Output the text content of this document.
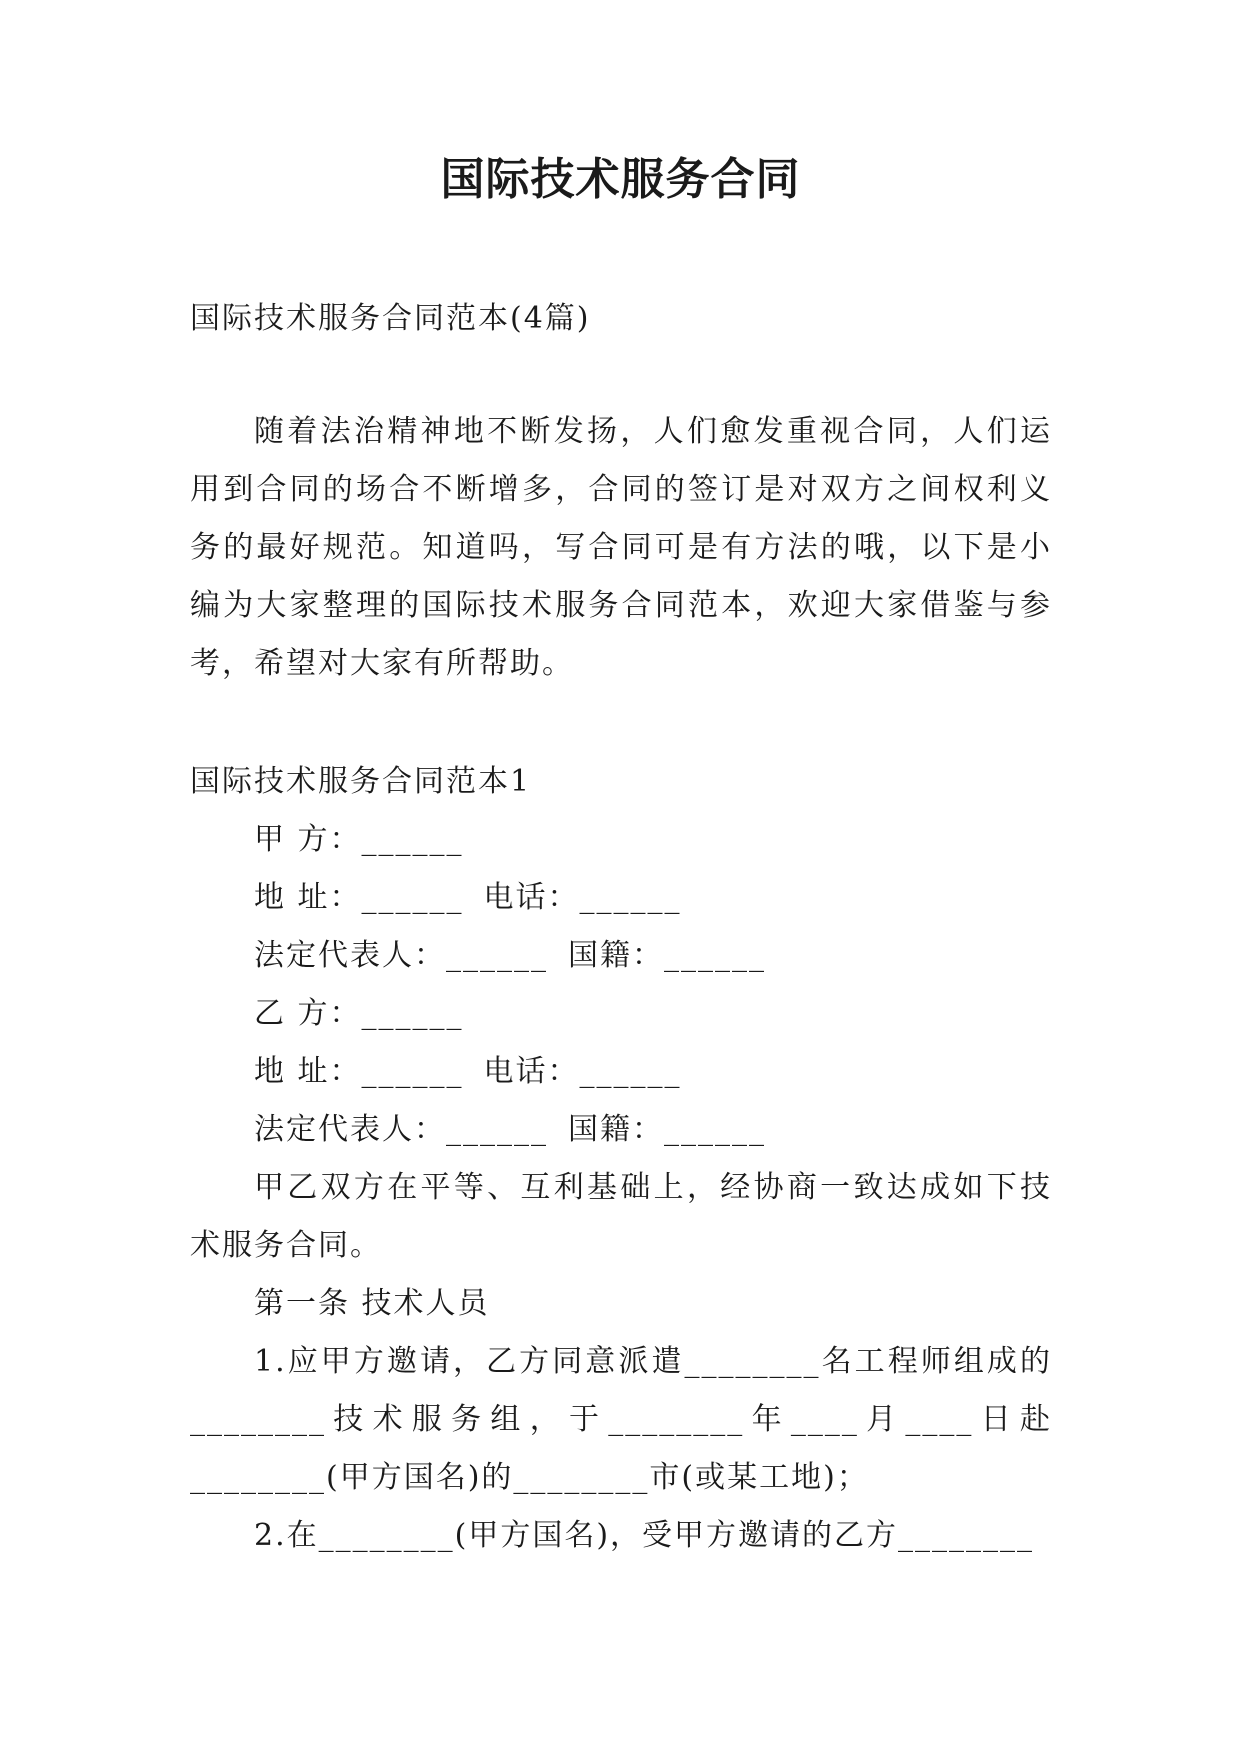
国际技术服务合同

国际技术服务合同范本(4篇)

随着法治精神地不断发扬，人们愈发重视合同，人们运用到合同的场合不断增多，合同的签订是对双方之间权利义务的最好规范。知道吗，写合同可是有方法的哦，以下是小编为大家整理的国际技术服务合同范本，欢迎大家借鉴与参考，希望对大家有所帮助。

国际技术服务合同范本1

甲 方：______

地 址：______ 电话：______

法定代表人：______ 国籍：______

乙 方：______

地 址：______ 电话：______

法定代表人：______ 国籍：______

甲乙双方在平等、互利基础上，经协商一致达成如下技术服务合同。

第一条 技术人员

1.应甲方邀请，乙方同意派遣________名工程师组成的________技术服务组，于________年____月____日赴________(甲方国名)的________市(或某工地)；

2.在________(甲方国名)，受甲方邀请的乙方________
